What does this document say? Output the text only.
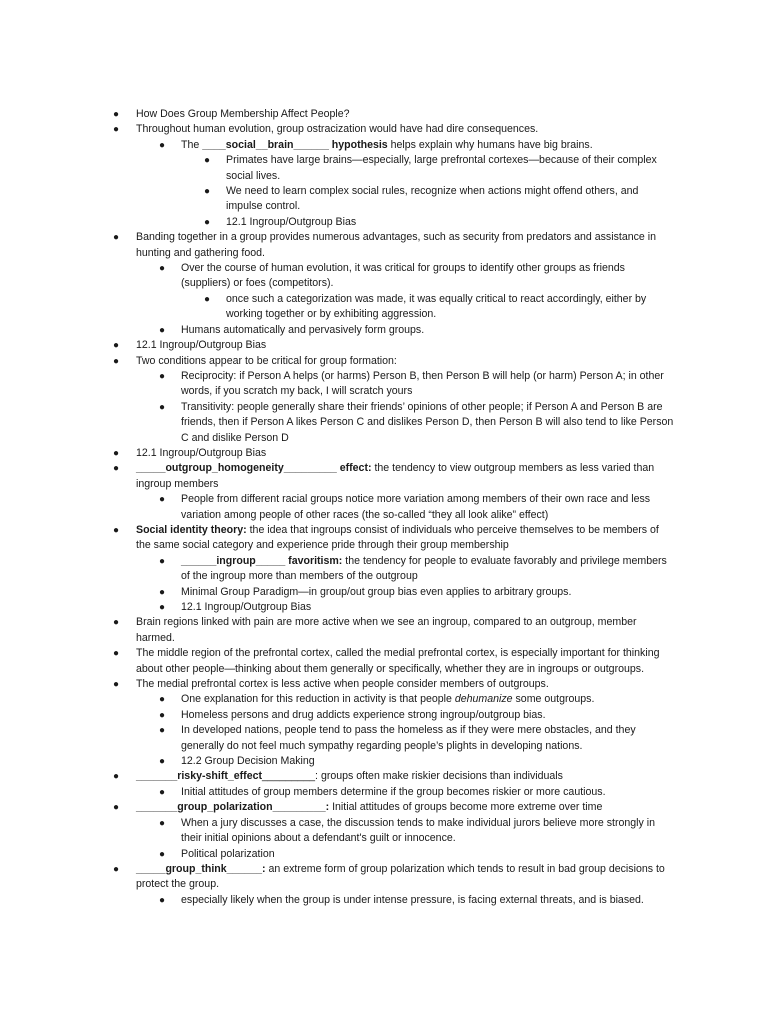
● How Does Group Membership Affect People?
● Throughout human evolution, group ostracization would have had dire consequences.
● The ____social__brain______ hypothesis helps explain why humans have big brains.
● Primates have large brains—especially, large prefrontal cortexes—because of their complex social lives.
● We need to learn complex social rules, recognize when actions might offend others, and impulse control.
● 12.1 Ingroup/Outgroup Bias
● Banding together in a group provides numerous advantages, such as security from predators and assistance in hunting and gathering food.
● Over the course of human evolution, it was critical for groups to identify other groups as friends (suppliers) or foes (competitors).
● once such a categorization was made, it was equally critical to react accordingly, either by working together or by exhibiting aggression.
● Humans automatically and pervasively form groups.
● 12.1 Ingroup/Outgroup Bias
● Two conditions appear to be critical for group formation:
● Reciprocity: if Person A helps (or harms) Person B, then Person B will help (or harm) Person A; in other words, if you scratch my back, I will scratch yours
● Transitivity: people generally share their friends’ opinions of other people; if Person A and Person B are friends, then if Person A likes Person C and dislikes Person D, then Person B will also tend to like Person C and dislike Person D
● 12.1 Ingroup/Outgroup Bias
● _____outgroup_homogeneity_________ effect: the tendency to view outgroup members as less varied than ingroup members
● People from different racial groups notice more variation among members of their own race and less variation among people of other races (the so-called “they all look alike” effect)
● Social identity theory: the idea that ingroups consist of individuals who perceive themselves to be members of the same social category and experience pride through their group membership
● ______ingroup_____ favoritism: the tendency for people to evaluate favorably and privilege members of the ingroup more than members of the outgroup
● Minimal Group Paradigm—in group/out group bias even applies to arbitrary groups.
● 12.1 Ingroup/Outgroup Bias
● Brain regions linked with pain are more active when we see an ingroup, compared to an outgroup, member harmed.
● The middle region of the prefrontal cortex, called the medial prefrontal cortex, is especially important for thinking about other people—thinking about them generally or specifically, whether they are in ingroups or outgroups.
● The medial prefrontal cortex is less active when people consider members of outgroups.
● One explanation for this reduction in activity is that people dehumanize some outgroups.
● Homeless persons and drug addicts experience strong ingroup/outgroup bias.
● In developed nations, people tend to pass the homeless as if they were mere obstacles, and they generally do not feel much sympathy regarding people’s plights in developing nations.
● 12.2 Group Decision Making
● _______risky-shift_effect_________: groups often make riskier decisions than individuals
● Initial attitudes of group members determine if the group becomes riskier or more cautious.
● _______group_polarization_________: Initial attitudes of groups become more extreme over time
● When a jury discusses a case, the discussion tends to make individual jurors believe more strongly in their initial opinions about a defendant's guilt or innocence.
● Political polarization
● _____group_think______: an extreme form of group polarization which tends to result in bad group decisions to protect the group.
● especially likely when the group is under intense pressure, is facing external threats, and is biased.
